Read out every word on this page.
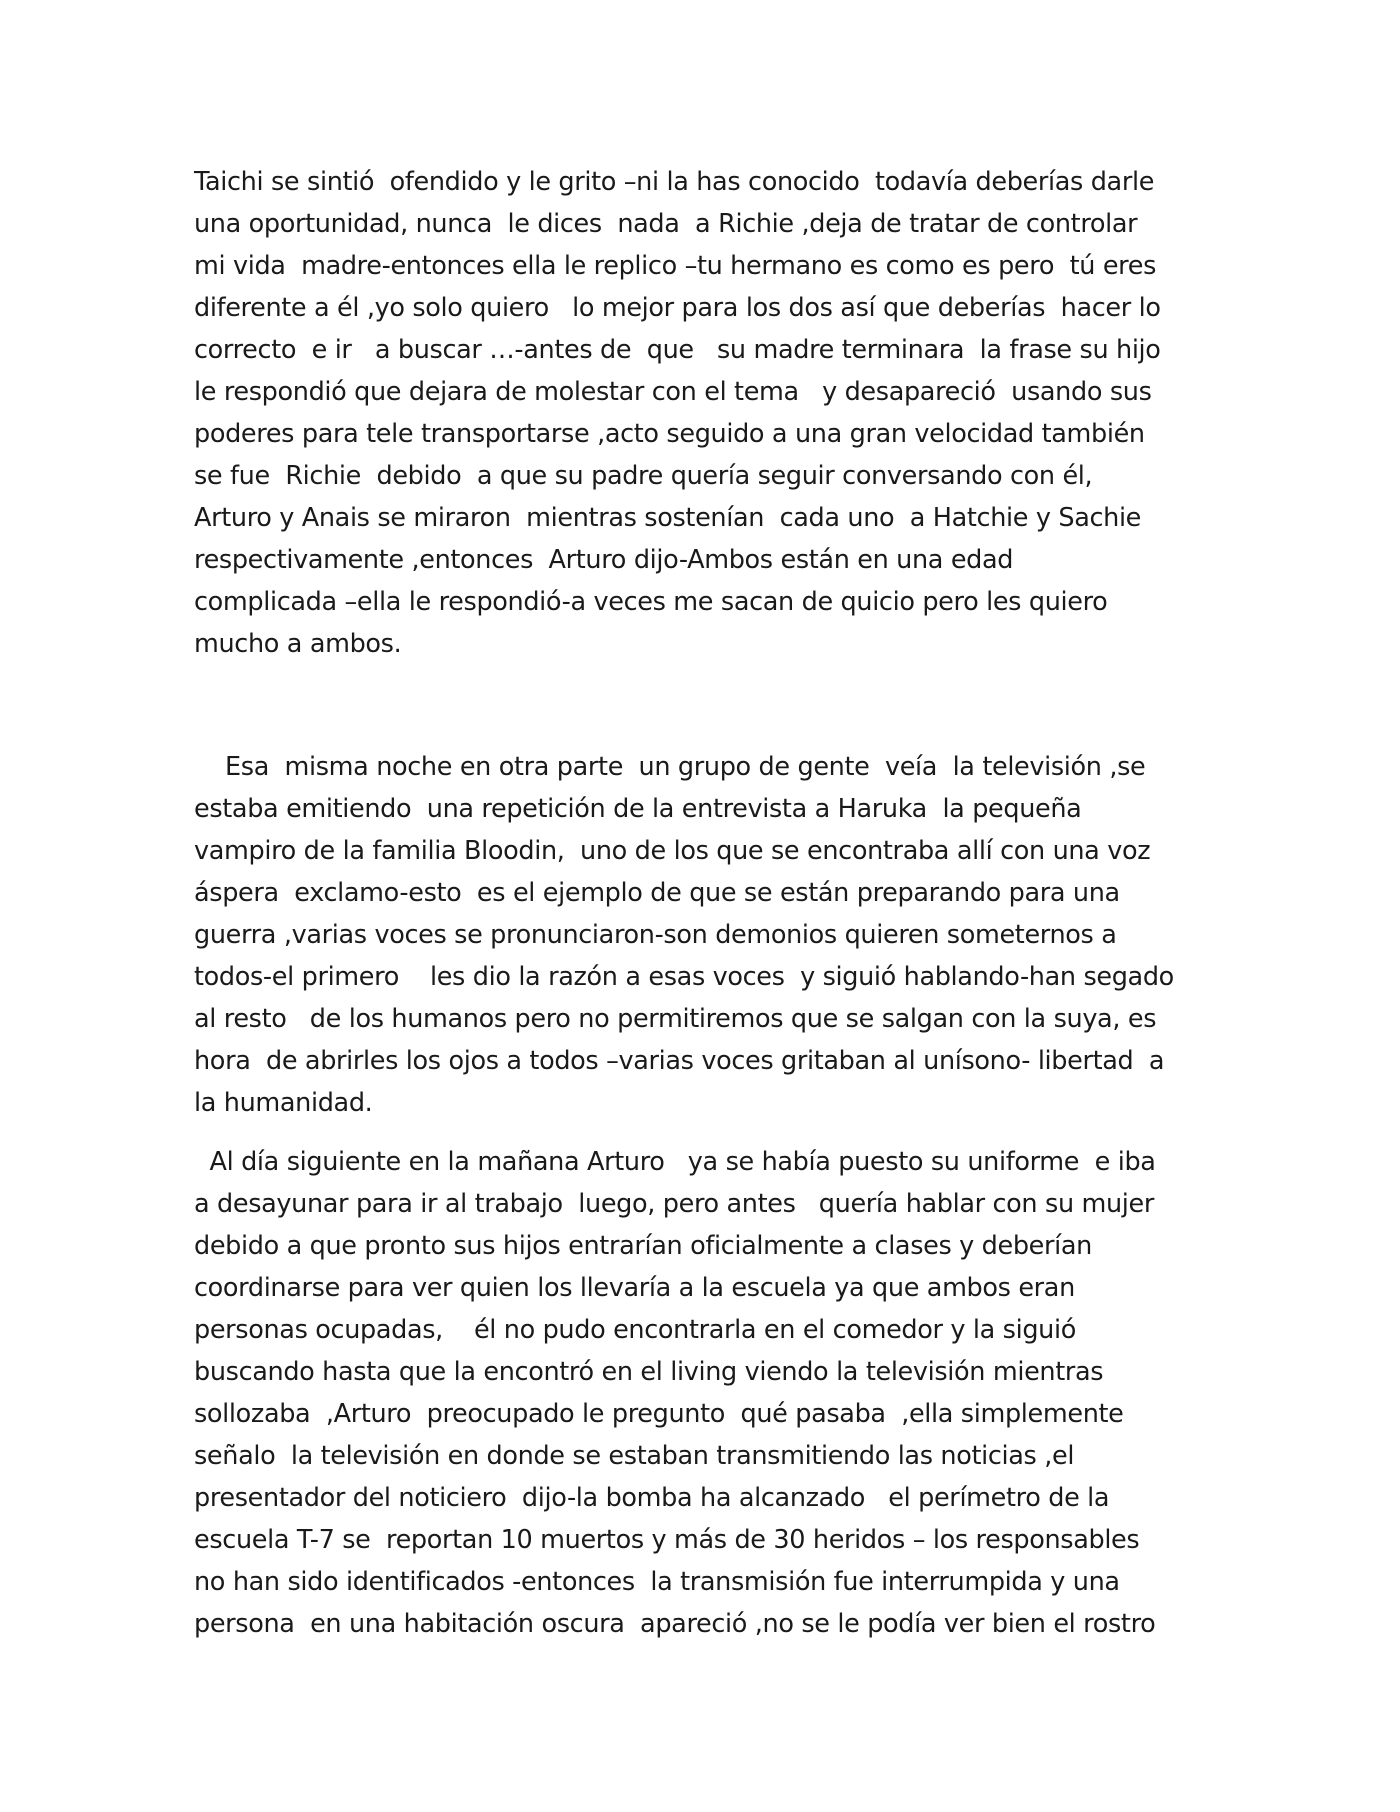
Taichi se sintió  ofendido y le grito –ni la has conocido  todavía deberías darle
una oportunidad, nunca  le dices  nada  a Richie ,deja de tratar de controlar
mi vida  madre-entonces ella le replico –tu hermano es como es pero  tú eres
diferente a él ,yo solo quiero   lo mejor para los dos así que deberías  hacer lo
correcto  e ir   a buscar …-antes de  que   su madre terminara  la frase su hijo
le respondió que dejara de molestar con el tema   y desapareció  usando sus
poderes para tele transportarse ,acto seguido a una gran velocidad también
se fue  Richie  debido  a que su padre quería seguir conversando con él,
Arturo y Anais se miraron  mientras sostenían  cada uno  a Hatchie y Sachie
respectivamente ,entonces  Arturo dijo-Ambos están en una edad
complicada –ella le respondió-a veces me sacan de quicio pero les quiero
mucho a ambos.
Esa  misma noche en otra parte  un grupo de gente  veía  la televisión ,se
estaba emitiendo  una repetición de la entrevista a Haruka  la pequeña
vampiro de la familia Bloodin,  uno de los que se encontraba allí con una voz
áspera  exclamo-esto  es el ejemplo de que se están preparando para una
guerra ,varias voces se pronunciaron-son demonios quieren someternos a
todos-el primero    les dio la razón a esas voces  y siguió hablando-han segado
al resto   de los humanos pero no permitiremos que se salgan con la suya, es
hora  de abrirles los ojos a todos –varias voces gritaban al unísono- libertad  a
la humanidad.
Al día siguiente en la mañana Arturo   ya se había puesto su uniforme  e iba
a desayunar para ir al trabajo  luego, pero antes   quería hablar con su mujer
debido a que pronto sus hijos entrarían oficialmente a clases y deberían
coordinarse para ver quien los llevaría a la escuela ya que ambos eran
personas ocupadas,    él no pudo encontrarla en el comedor y la siguió
buscando hasta que la encontró en el living viendo la televisión mientras
sollozaba  ,Arturo  preocupado le pregunto  qué pasaba  ,ella simplemente
señalo  la televisión en donde se estaban transmitiendo las noticias ,el
presentador del noticiero  dijo-la bomba ha alcanzado   el perímetro de la
escuela T-7 se  reportan 10 muertos y más de 30 heridos – los responsables
no han sido identificados -entonces  la transmisión fue interrumpida y una
persona  en una habitación oscura  apareció ,no se le podía ver bien el rostro
